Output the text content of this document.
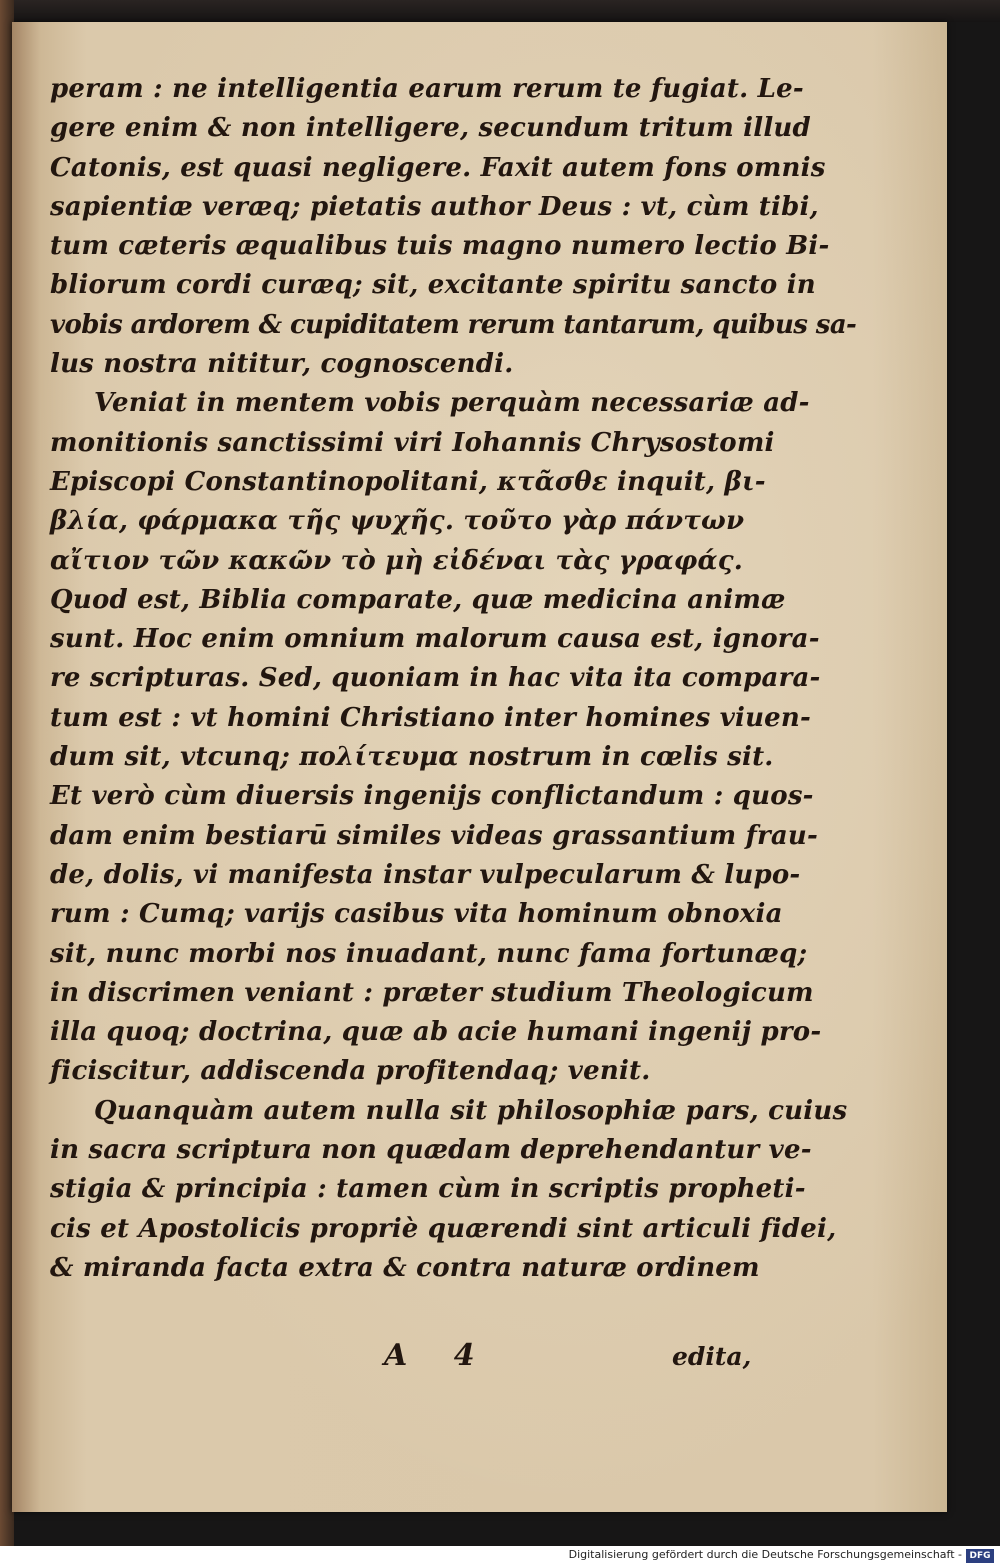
peram : ne intelligentia earum rerum te fugiat. Le-
gere enim & non intelligere, secundum tritum illud
Catonis, est quasi negligere. Faxit autem fons omnis
sapientiæ veræq; pietatis author Deus : vt, cùm tibi,
tum cæteris æqualibus tuis magno numero lectio Bi-
bliorum cordi curæq; sit, excitante spiritu sancto in
vobis ardorem & cupiditatem rerum tantarum, quibus sa-
lus nostra nititur, cognoscendi.
Veniat in mentem vobis perquàm necessariæ ad-
monitionis sanctissimi viri Iohannis Chrysostomi
Episcopi Constantinopolitani, κτᾶσθε inquit, βι-
βλία, φάρμακα τῆς ψυχῆς. τοῦτο γὰρ πάντων
αἴτιον τῶν κακῶν τὸ μὴ εἰδέναι τὰς γραφάς.
Quod est, Biblia comparate, quæ medicina animæ
sunt. Hoc enim omnium malorum causa est, ignora-
re scripturas. Sed, quoniam in hac vita ita compara-
tum est : vt homini Christiano inter homines viuen-
dum sit, vtcunq; πολίτευμα nostrum in cœlis sit.
Et verò cùm diuersis ingenijs conflictandum : quos-
dam enim bestiarū similes videas grassantium frau-
de, dolis, vi manifesta instar vulpecularum & lupo-
rum : Cumq; varijs casibus vita hominum obnoxia
sit, nunc morbi nos inuadant, nunc fama fortunæq;
in discrimen veniant : præter studium Theologicum
illa quoq; doctrina, quæ ab acie humani ingenij pro-
ficiscitur, addiscenda profitendaq; venit.
Quanquàm autem nulla sit philosophiæ pars, cuius
in sacra scriptura non quædam deprehendantur ve-
stigia & principia : tamen cùm in scriptis propheti-
cis et Apostolicis propriè quærendi sint articuli fidei,
& miranda facta extra & contra naturæ ordinem
A 4	edita,
Digitalisierung gefördert durch die Deutsche Forschungsgemeinschaft - DFG
